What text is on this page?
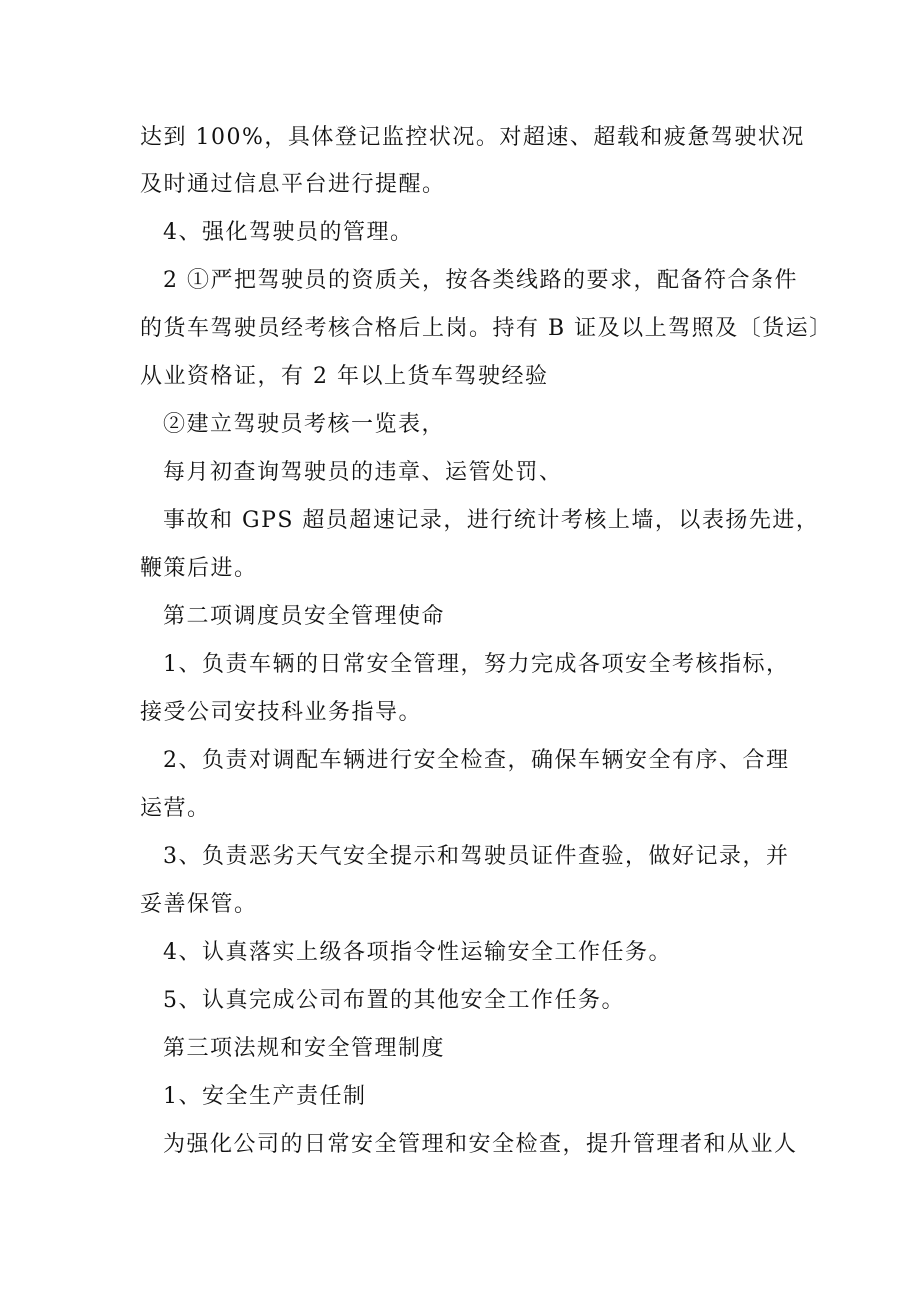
达到 100%，具体登记监控状况。对超速、超载和疲惫驾驶状况
及时通过信息平台进行提醒。
4、强化驾驶员的管理。
2 ①严把驾驶员的资质关，按各类线路的要求，配备符合条件
的货车驾驶员经考核合格后上岗。持有 B 证及以上驾照及〔货运〕
从业资格证，有 2 年以上货车驾驶经验
②建立驾驶员考核一览表，
每月初查询驾驶员的违章、运管处罚、
事故和 GPS 超员超速记录，进行统计考核上墙，以表扬先进，
鞭策后进。
第二项调度员安全管理使命
1、负责车辆的日常安全管理，努力完成各项安全考核指标，
接受公司安技科业务指导。
2、负责对调配车辆进行安全检查，确保车辆安全有序、合理
运营。
3、负责恶劣天气安全提示和驾驶员证件查验，做好记录，并
妥善保管。
4、认真落实上级各项指令性运输安全工作任务。
5、认真完成公司布置的其他安全工作任务。
第三项法规和安全管理制度
1、安全生产责任制
为强化公司的日常安全管理和安全检查，提升管理者和从业人
